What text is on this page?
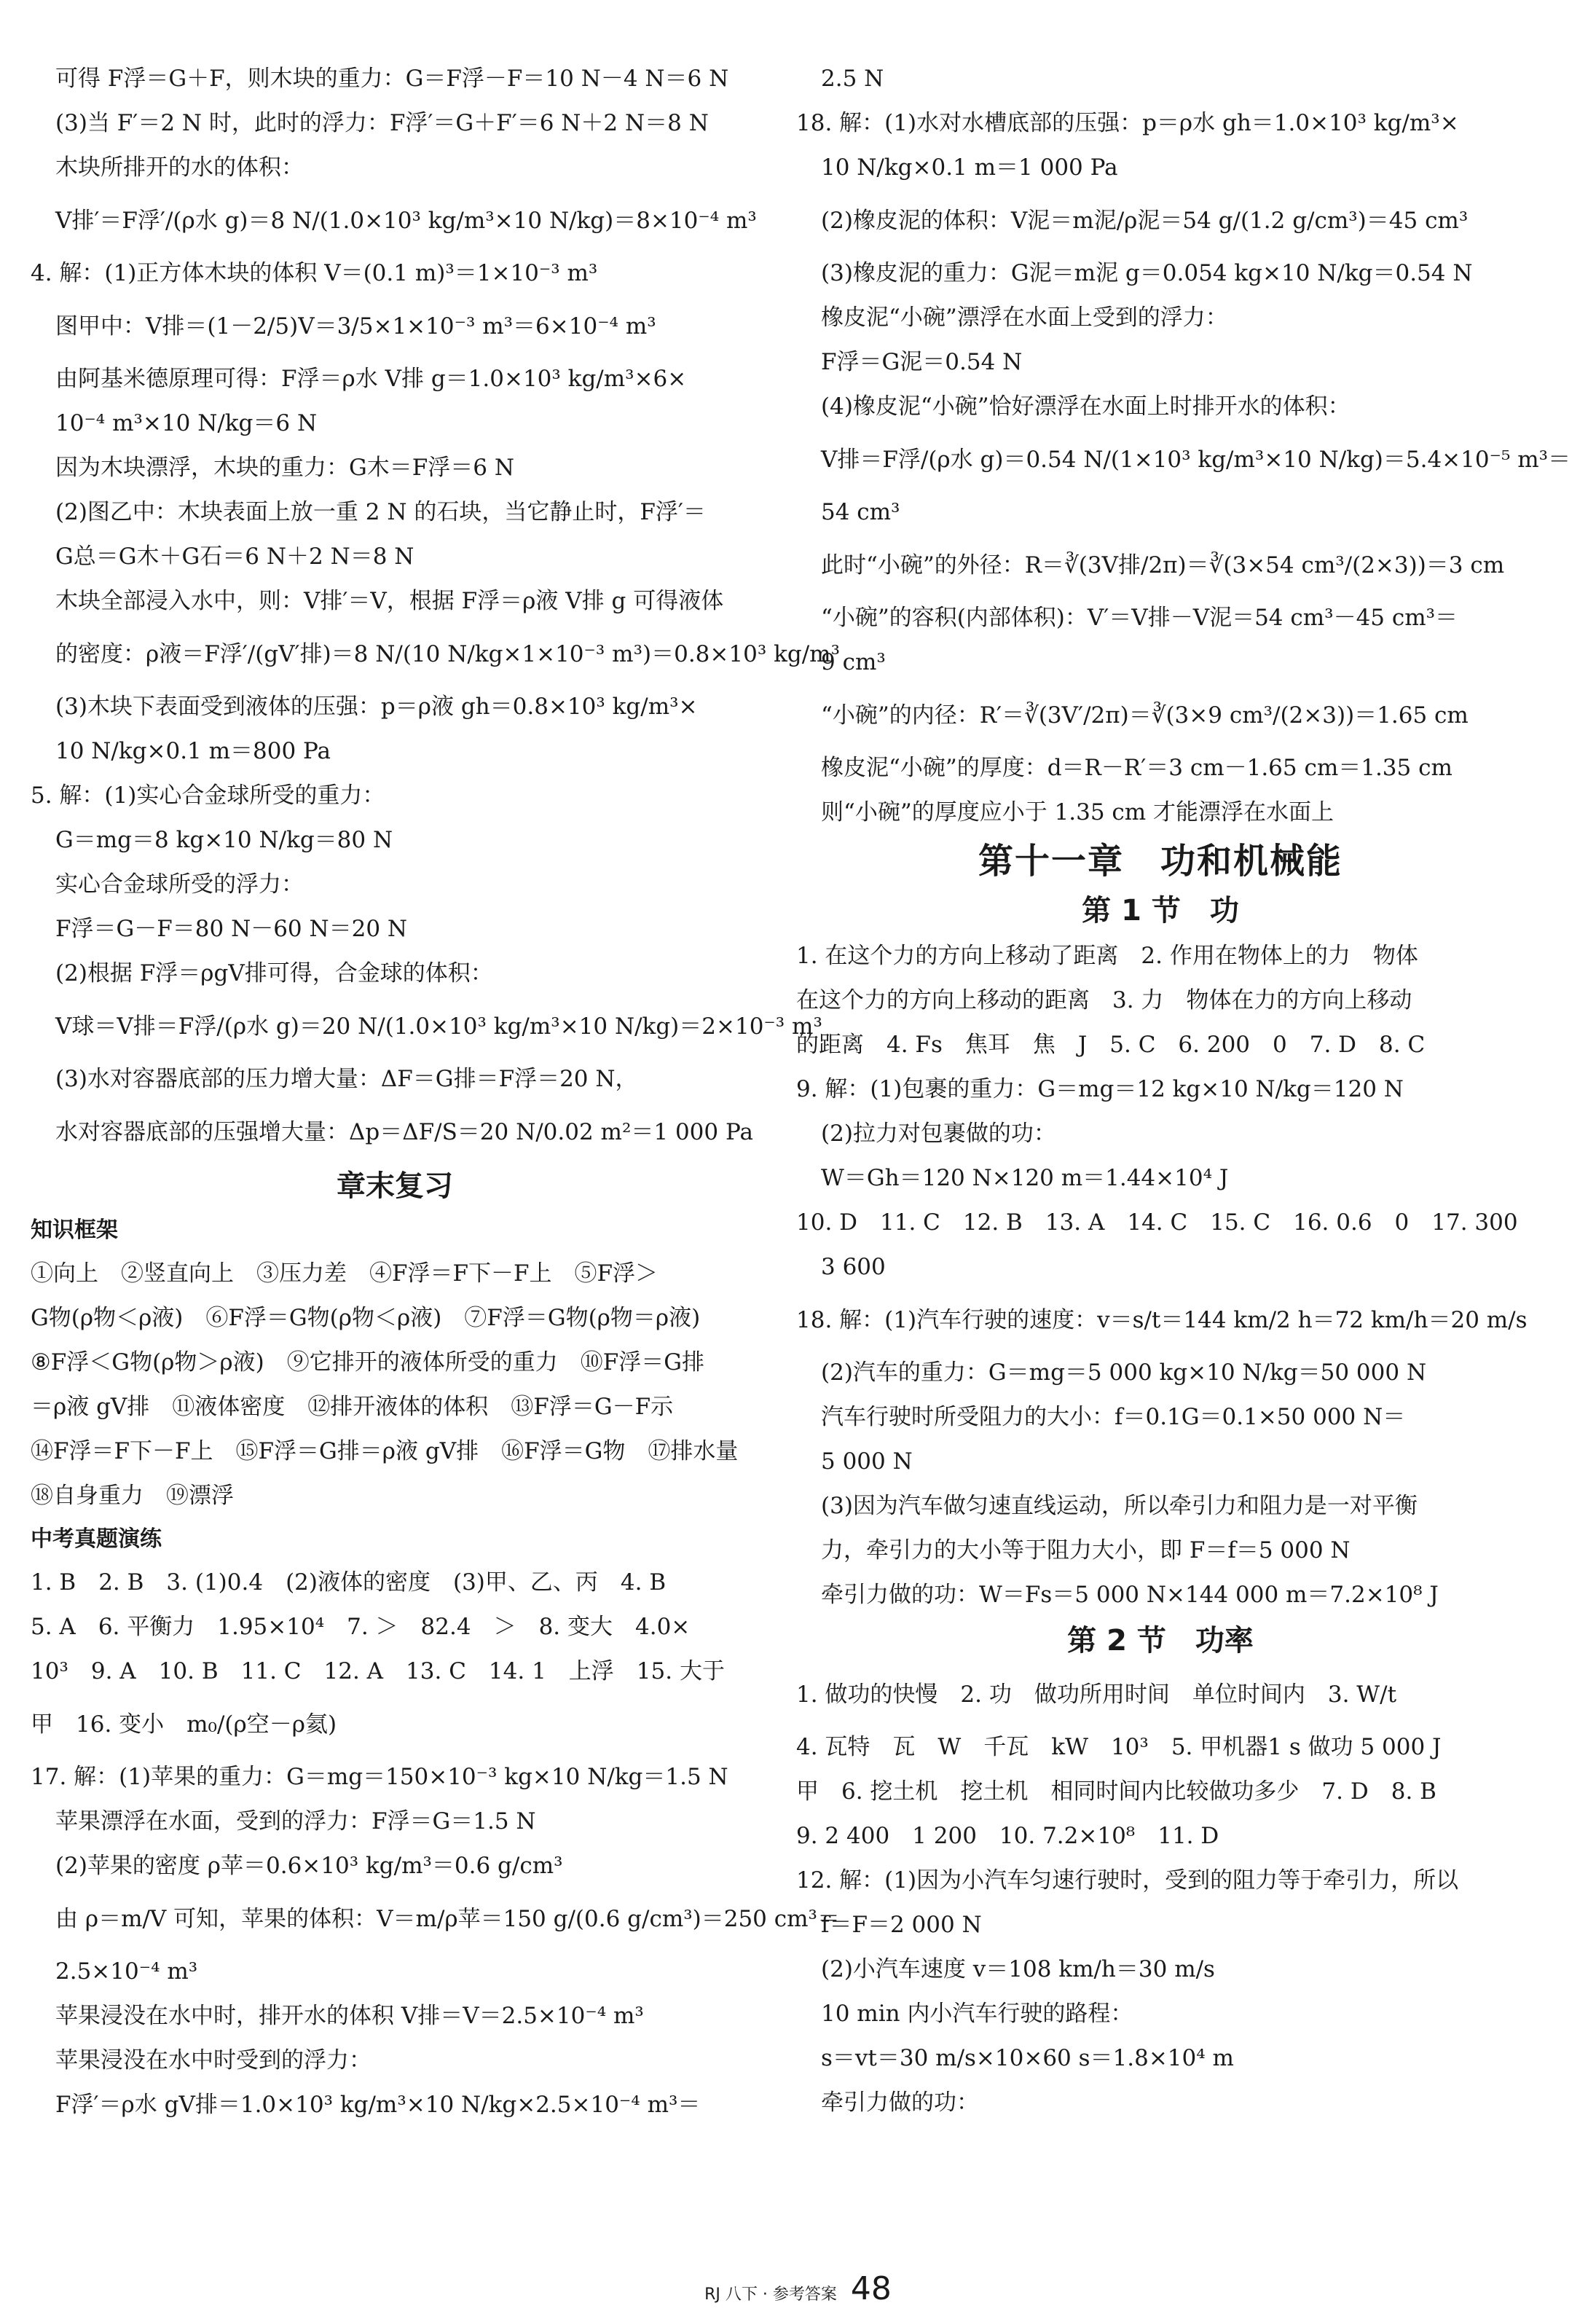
可得 F浮＝G＋F，则木块的重力：G＝F浮－F＝10 N－4 N＝6 N
(3)当 F′＝2 N 时，此时的浮力：F浮′＝G＋F′＝6 N＋2 N＝8 N
木块所排开的水的体积：
V排′＝F浮′/(ρ水 g)＝8 N/(1.0×10³ kg/m³×10 N/kg)＝8×10⁻⁴ m³
4. 解：(1)正方体木块的体积 V＝(0.1 m)³＝1×10⁻³ m³
图甲中：V排＝(1－2/5)V＝3/5×1×10⁻³ m³＝6×10⁻⁴ m³
由阿基米德原理可得：F浮＝ρ水 V排 g＝1.0×10³ kg/m³×6×
10⁻⁴ m³×10 N/kg＝6 N
因为木块漂浮，木块的重力：G木＝F浮＝6 N
(2)图乙中：木块表面上放一重 2 N 的石块，当它静止时，F浮′＝
G总＝G木＋G石＝6 N＋2 N＝8 N
木块全部浸入水中，则：V排′＝V，根据 F浮＝ρ液 V排 g 可得液体
的密度：ρ液＝F浮′/(gV′排)＝8 N/(10 N/kg×1×10⁻³ m³)＝0.8×10³ kg/m³
(3)木块下表面受到液体的压强：p＝ρ液 gh＝0.8×10³ kg/m³×
10 N/kg×0.1 m＝800 Pa
5. 解：(1)实心合金球所受的重力：
G＝mg＝8 kg×10 N/kg＝80 N
实心合金球所受的浮力：
F浮＝G－F＝80 N－60 N＝20 N
(2)根据 F浮＝ρgV排可得，合金球的体积：
V球＝V排＝F浮/(ρ水 g)＝20 N/(1.0×10³ kg/m³×10 N/kg)＝2×10⁻³ m³
(3)水对容器底部的压力增大量：ΔF＝G排＝F浮＝20 N，
水对容器底部的压强增大量：Δp＝ΔF/S＝20 N/0.02 m²＝1 000 Pa
章末复习
知识框架
①向上　②竖直向上　③压力差　④F浮＝F下－F上　⑤F浮＞
G物(ρ物＜ρ液)　⑥F浮＝G物(ρ物＜ρ液)　⑦F浮＝G物(ρ物＝ρ液)
⑧F浮＜G物(ρ物＞ρ液)　⑨它排开的液体所受的重力　⑩F浮＝G排
＝ρ液 gV排　⑪液体密度　⑫排开液体的体积　⑬F浮＝G－F示
⑭F浮＝F下－F上　⑮F浮＝G排＝ρ液 gV排　⑯F浮＝G物　⑰排水量
⑱自身重力　⑲漂浮
中考真题演练
1. B　2. B　3. (1)0.4　(2)液体的密度　(3)甲、乙、丙　4. B
5. A　6. 平衡力　1.95×10⁴　7. ＞　82.4　＞　8. 变大　4.0×
10³　9. A　10. B　11. C　12. A　13. C　14. 1　上浮　15. 大于
甲　16. 变小　m₀/(ρ空－ρ氦)
17. 解：(1)苹果的重力：G＝mg＝150×10⁻³ kg×10 N/kg＝1.5 N
苹果漂浮在水面，受到的浮力：F浮＝G＝1.5 N
(2)苹果的密度 ρ苹＝0.6×10³ kg/m³＝0.6 g/cm³
由 ρ＝m/V 可知，苹果的体积：V＝m/ρ苹＝150 g/(0.6 g/cm³)＝250 cm³＝
2.5×10⁻⁴ m³
苹果浸没在水中时，排开水的体积 V排＝V＝2.5×10⁻⁴ m³
苹果浸没在水中时受到的浮力：
F浮′＝ρ水 gV排＝1.0×10³ kg/m³×10 N/kg×2.5×10⁻⁴ m³＝
2.5 N
18. 解：(1)水对水槽底部的压强：p＝ρ水 gh＝1.0×10³ kg/m³×
10 N/kg×0.1 m＝1 000 Pa
(2)橡皮泥的体积：V泥＝m泥/ρ泥＝54 g/(1.2 g/cm³)＝45 cm³
(3)橡皮泥的重力：G泥＝m泥 g＝0.054 kg×10 N/kg＝0.54 N
橡皮泥“小碗”漂浮在水面上受到的浮力：
F浮＝G泥＝0.54 N
(4)橡皮泥“小碗”恰好漂浮在水面上时排开水的体积：
V排＝F浮/(ρ水 g)＝0.54 N/(1×10³ kg/m³×10 N/kg)＝5.4×10⁻⁵ m³＝
54 cm³
此时“小碗”的外径：R＝∛(3V排/2π)＝∛(3×54 cm³/(2×3))＝3 cm
“小碗”的容积(内部体积)：V′＝V排－V泥＝54 cm³－45 cm³＝
9 cm³
“小碗”的内径：R′＝∛(3V′/2π)＝∛(3×9 cm³/(2×3))＝1.65 cm
橡皮泥“小碗”的厚度：d＝R－R′＝3 cm－1.65 cm＝1.35 cm
则“小碗”的厚度应小于 1.35 cm 才能漂浮在水面上
第十一章　功和机械能
第 1 节　功
1. 在这个力的方向上移动了距离　2. 作用在物体上的力　物体
在这个力的方向上移动的距离　3. 力　物体在力的方向上移动
的距离　4. Fs　焦耳　焦　J　5. C　6. 200　0　7. D　8. C
9. 解：(1)包裹的重力：G＝mg＝12 kg×10 N/kg＝120 N
(2)拉力对包裹做的功：
W＝Gh＝120 N×120 m＝1.44×10⁴ J
10. D　11. C　12. B　13. A　14. C　15. C　16. 0.6　0　17. 300
3 600
18. 解：(1)汽车行驶的速度：v＝s/t＝144 km/2 h＝72 km/h＝20 m/s
(2)汽车的重力：G＝mg＝5 000 kg×10 N/kg＝50 000 N
汽车行驶时所受阻力的大小：f＝0.1G＝0.1×50 000 N＝
5 000 N
(3)因为汽车做匀速直线运动，所以牵引力和阻力是一对平衡
力，牵引力的大小等于阻力大小，即 F＝f＝5 000 N
牵引力做的功：W＝Fs＝5 000 N×144 000 m＝7.2×10⁸ J
第 2 节　功率
1. 做功的快慢　2. 功　做功所用时间　单位时间内　3. W/t
4. 瓦特　瓦　W　千瓦　kW　10³　5. 甲机器1 s 做功 5 000 J
甲　6. 挖土机　挖土机　相同时间内比较做功多少　7. D　8. B
9. 2 400　1 200　10. 7.2×10⁸　11. D
12. 解：(1)因为小汽车匀速行驶时，受到的阻力等于牵引力，所以
f＝F＝2 000 N
(2)小汽车速度 v＝108 km/h＝30 m/s
10 min 内小汽车行驶的路程：
s＝vt＝30 m/s×10×60 s＝1.8×10⁴ m
牵引力做的功：
RJ 八下 · 参考答案 48
